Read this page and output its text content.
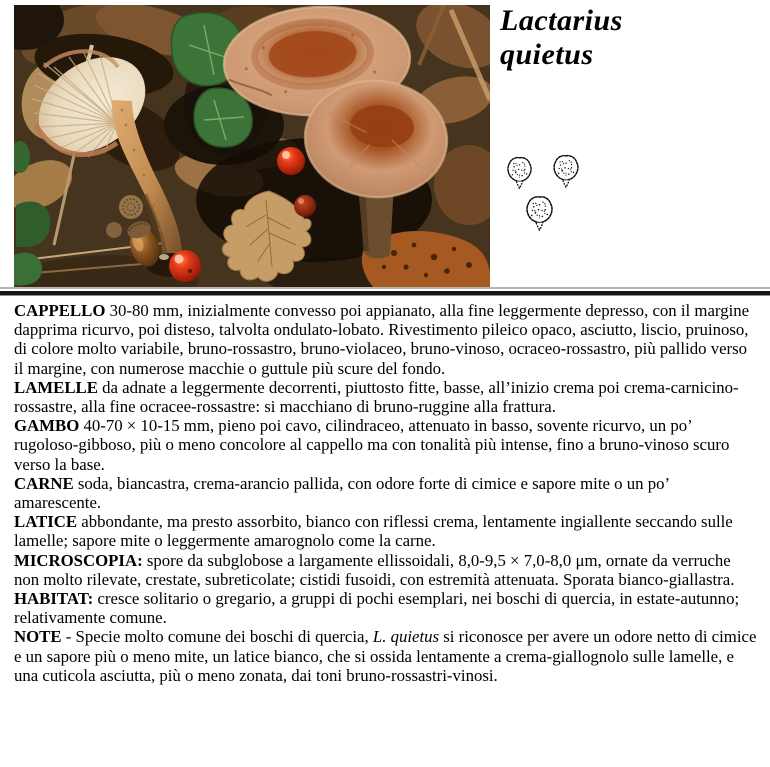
Lactarius
quietus

CAPPELLO 30-80 mm, inizialmente convesso poi appianato, alla fine leggermente depresso, con il margine dapprima ricurvo, poi disteso, talvolta ondulato-lobato. Rivestimento pileico opaco, asciutto, liscio, pruinoso, di colore molto variabile, bruno-rossastro, bruno-violaceo, bruno-vinoso, ocraceo-rossastro, più pallido verso il margine, con numerose macchie o guttule più scure del fondo.

LAMELLE da adnate a leggermente decorrenti, piuttosto fitte, basse, all’inizio crema poi crema-carnicino-rossastre, alla fine ocracee-rossastre: si macchiano di bruno-ruggine alla frattura.

GAMBO 40-70 × 10-15 mm, pieno poi cavo, cilindraceo, attenuato in basso, sovente ricurvo, un po’ rugoloso-gibboso, più o meno concolore al cappello ma con tonalità più intense, fino a bruno-vinoso scuro verso la base.

CARNE soda, biancastra, crema-arancio pallida, con odore forte di cimice e sapore mite o un po’ amarescente.

LATICE abbondante, ma presto assorbito, bianco con riflessi crema, lentamente ingiallente seccando sulle lamelle; sapore mite o leggermente amarognolo come la carne.

MICROSCOPIA: spore da subglobose a largamente ellissoidali, 8,0-9,5 × 7,0-8,0 μm, ornate da verruche non molto rilevate, crestate, subreticolate; cistidi fusoidi, con estremità attenuata. Sporata bianco-giallastra.

HABITAT: cresce solitario o gregario, a gruppi di pochi esemplari, nei boschi di quercia, in estate-autunno; relativamente comune.

NOTE - Specie molto comune dei boschi di quercia, L. quietus si riconosce per avere un odore netto di cimice e un sapore più o meno mite, un latice bianco, che si ossida lentamente a crema-giallognolo sulle lamelle, e una cuticola asciutta, più o meno zonata, dai toni bruno-rossastri-vinosi.
